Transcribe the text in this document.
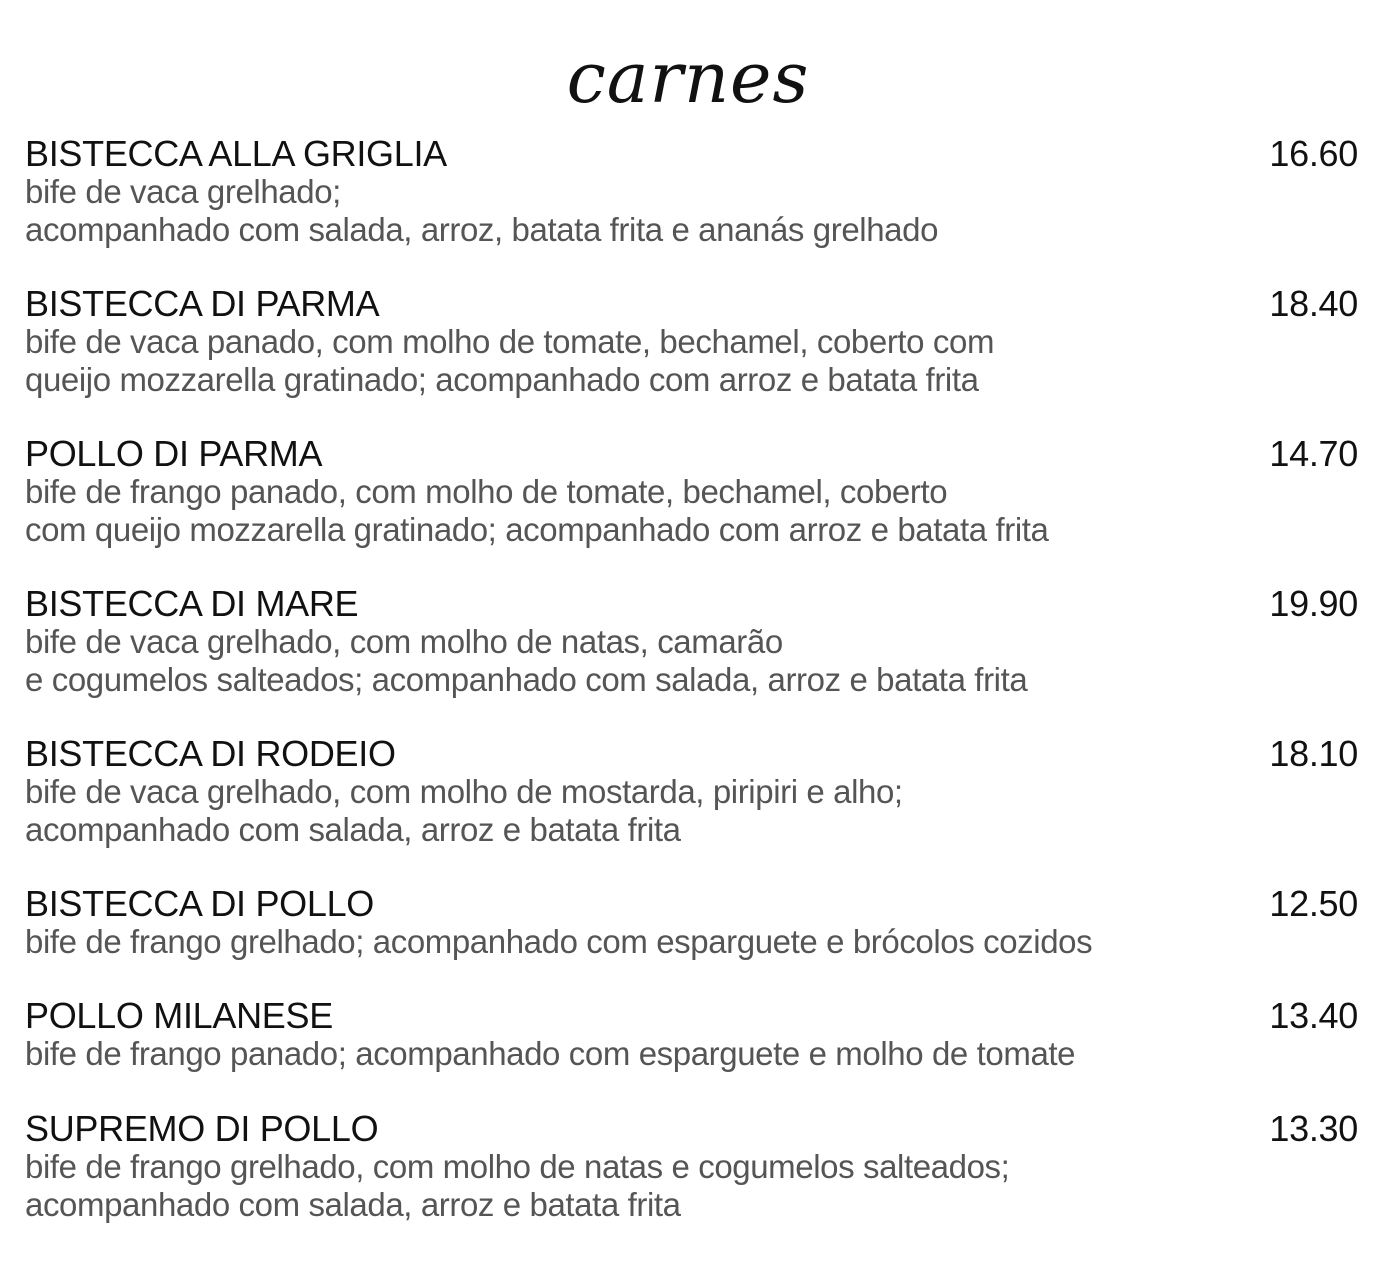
carnes
BISTECCA ALLA GRIGLIA	16.60
bife de vaca grelhado;
acompanhado com salada, arroz, batata frita e ananás grelhado
BISTECCA DI PARMA	18.40
bife de vaca panado, com molho de tomate, bechamel, coberto com
queijo mozzarella gratinado; acompanhado com arroz e batata frita
POLLO DI PARMA	14.70
bife de frango panado, com molho de tomate, bechamel, coberto
com queijo mozzarella gratinado; acompanhado com arroz e batata frita
BISTECCA DI MARE	19.90
bife de vaca grelhado, com molho de natas, camarão
e cogumelos salteados; acompanhado com salada, arroz e batata frita
BISTECCA DI RODEIO	18.10
bife de vaca grelhado, com molho de mostarda, piripiri e alho;
acompanhado com salada, arroz e batata frita
BISTECCA DI POLLO	12.50
bife de frango grelhado; acompanhado com esparguete e brócolos cozidos
POLLO MILANESE	13.40
bife de frango panado; acompanhado com esparguete e molho de tomate
SUPREMO DI POLLO	13.30
bife de frango grelhado, com molho de natas e cogumelos salteados;
acompanhado com salada, arroz e batata frita
